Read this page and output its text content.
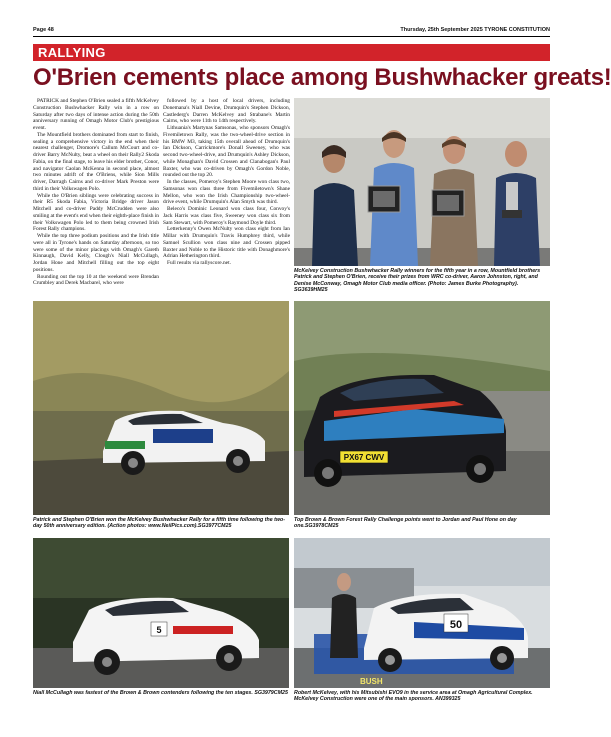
Page 48	Thursday, 25th September 2025 TYRONE CONSTITUTION
RALLYING
O'Brien cements place among Bushwhacker greats!

PATRICK and Stephen O'Brien sealed a fifth McKelvey Construction Bushwhacker Rally win in a row on Saturday after two days of intense action during the 50th anniversary running of Omagh Motor Club's prestigious event.

The Mountfield brothers dominated from start to finish, sealing a comprehensive victory in the end when their nearest challenger, Dromore's Callum McCourt and co-driver Barry McNulty, beat a wheel on their Rally2 Skoda Fabia, on the final stage, to leave his elder brother, Conor, and navigator Caolan McKenna in second place, almost two minutes adrift of the O'Briens, while Sion Mills driver, Darragh Cairns and co-driver Mark Preston were third in their Volkswagen Polo.

While the O'Brien siblings were celebrating success in their R5 Skoda Fabia, Victoria Bridge driver Jason Mitchell and co-driver Paddy McCrudden were also smiling at the event's end when their eighth-place finish in their Volkswagen Polo led to them being crowned Irish Forest Rally champions.

While the top three podium positions and the Irish title were all in Tyrone's hands on Saturday afternoon, so too were some of the minor placings with Omagh's Gareth Kinnaugh, David Kelly, Clough's Niall McCullagh, Jordan Hone and Mitchell filling out the top eight positions.

Rounding out the top 10 at the weekend were Brendan Crumbley and Derek Macbarel, who were

followed by a host of local drivers, including Donemana's Niall Devine, Drumquin's Stephen Dickson, Castlederg's Darren McKelvey and Strabane's Martin Cairns, who were 11th to 14th respectively.

Lithuania's Martynas Samsonas, who sponsors Omagh's Fivemiletown Rally, was the two-wheel-drive section in his BMW M3, taking 15th overall ahead of Drumquin's Ian Dickson, Carrickmore's Donall Sweeney, who was second two-wheel-drive, and Drumquin's Ashley Dickson, while Monaghan's David Crossen and Clanabogan's Paul Baxter, who was co-driven by Omagh's Gordon Noble, rounded out the top 20.

In the classes, Pomeroy's Stephen Moore won class two, Samsonas won class three from Fivemiletown's Shane Mellon, who won the Irish Championship two-wheel-drive event, while Drumquin's Alan Smyth was third.

Beleco's Dominic Leonard won class four, Convoy's Jack Harris was class five, Sweeney won class six from Sam Stewart, with Pomeroy's Raymond Doyle third.

Letterkenny's Owen McNulty won class eight from Ian Millar with Drumquin's Travis Humphrey third, while Samuel Scullion won class nine and Crossen pipped Baxter and Noble to the Historic title with Donaghmore's Adrian Hetherington third.

Full results via rallyscore.net.

McKelvey Construction Bushwhacker Rally winners for the fifth year in a row, Mountfield brothers Patrick and Stephen O'Brien, receive their prizes from WRC co-driver, Aaron Johnston, right, and Denise McConway, Omagh Motor Club media officer. (Photo: James Burke Photography). SG3639HM25
Patrick and Stephen O'Brien won the McKelvey Bushwhacker Rally for a fifth time following the two-day 50th anniversary edition. (Action photos: www.NeilPics.com).SG3977CM25
PX67 CWV
Top Brown & Brown Forest Rally Challenge points went to Jordan and Paul Hone on day one.SG3978CM25
5
Niall McCullagh was fastest of the Brown & Brown contenders following the ten stages. SG3979CM25
50
BUSH
Robert McKelvey, with his Mitsubishi EVO9 in the service area at Omagh Agricultural Complex. McKelvey Construction were one of the main sponsors. AN399325
